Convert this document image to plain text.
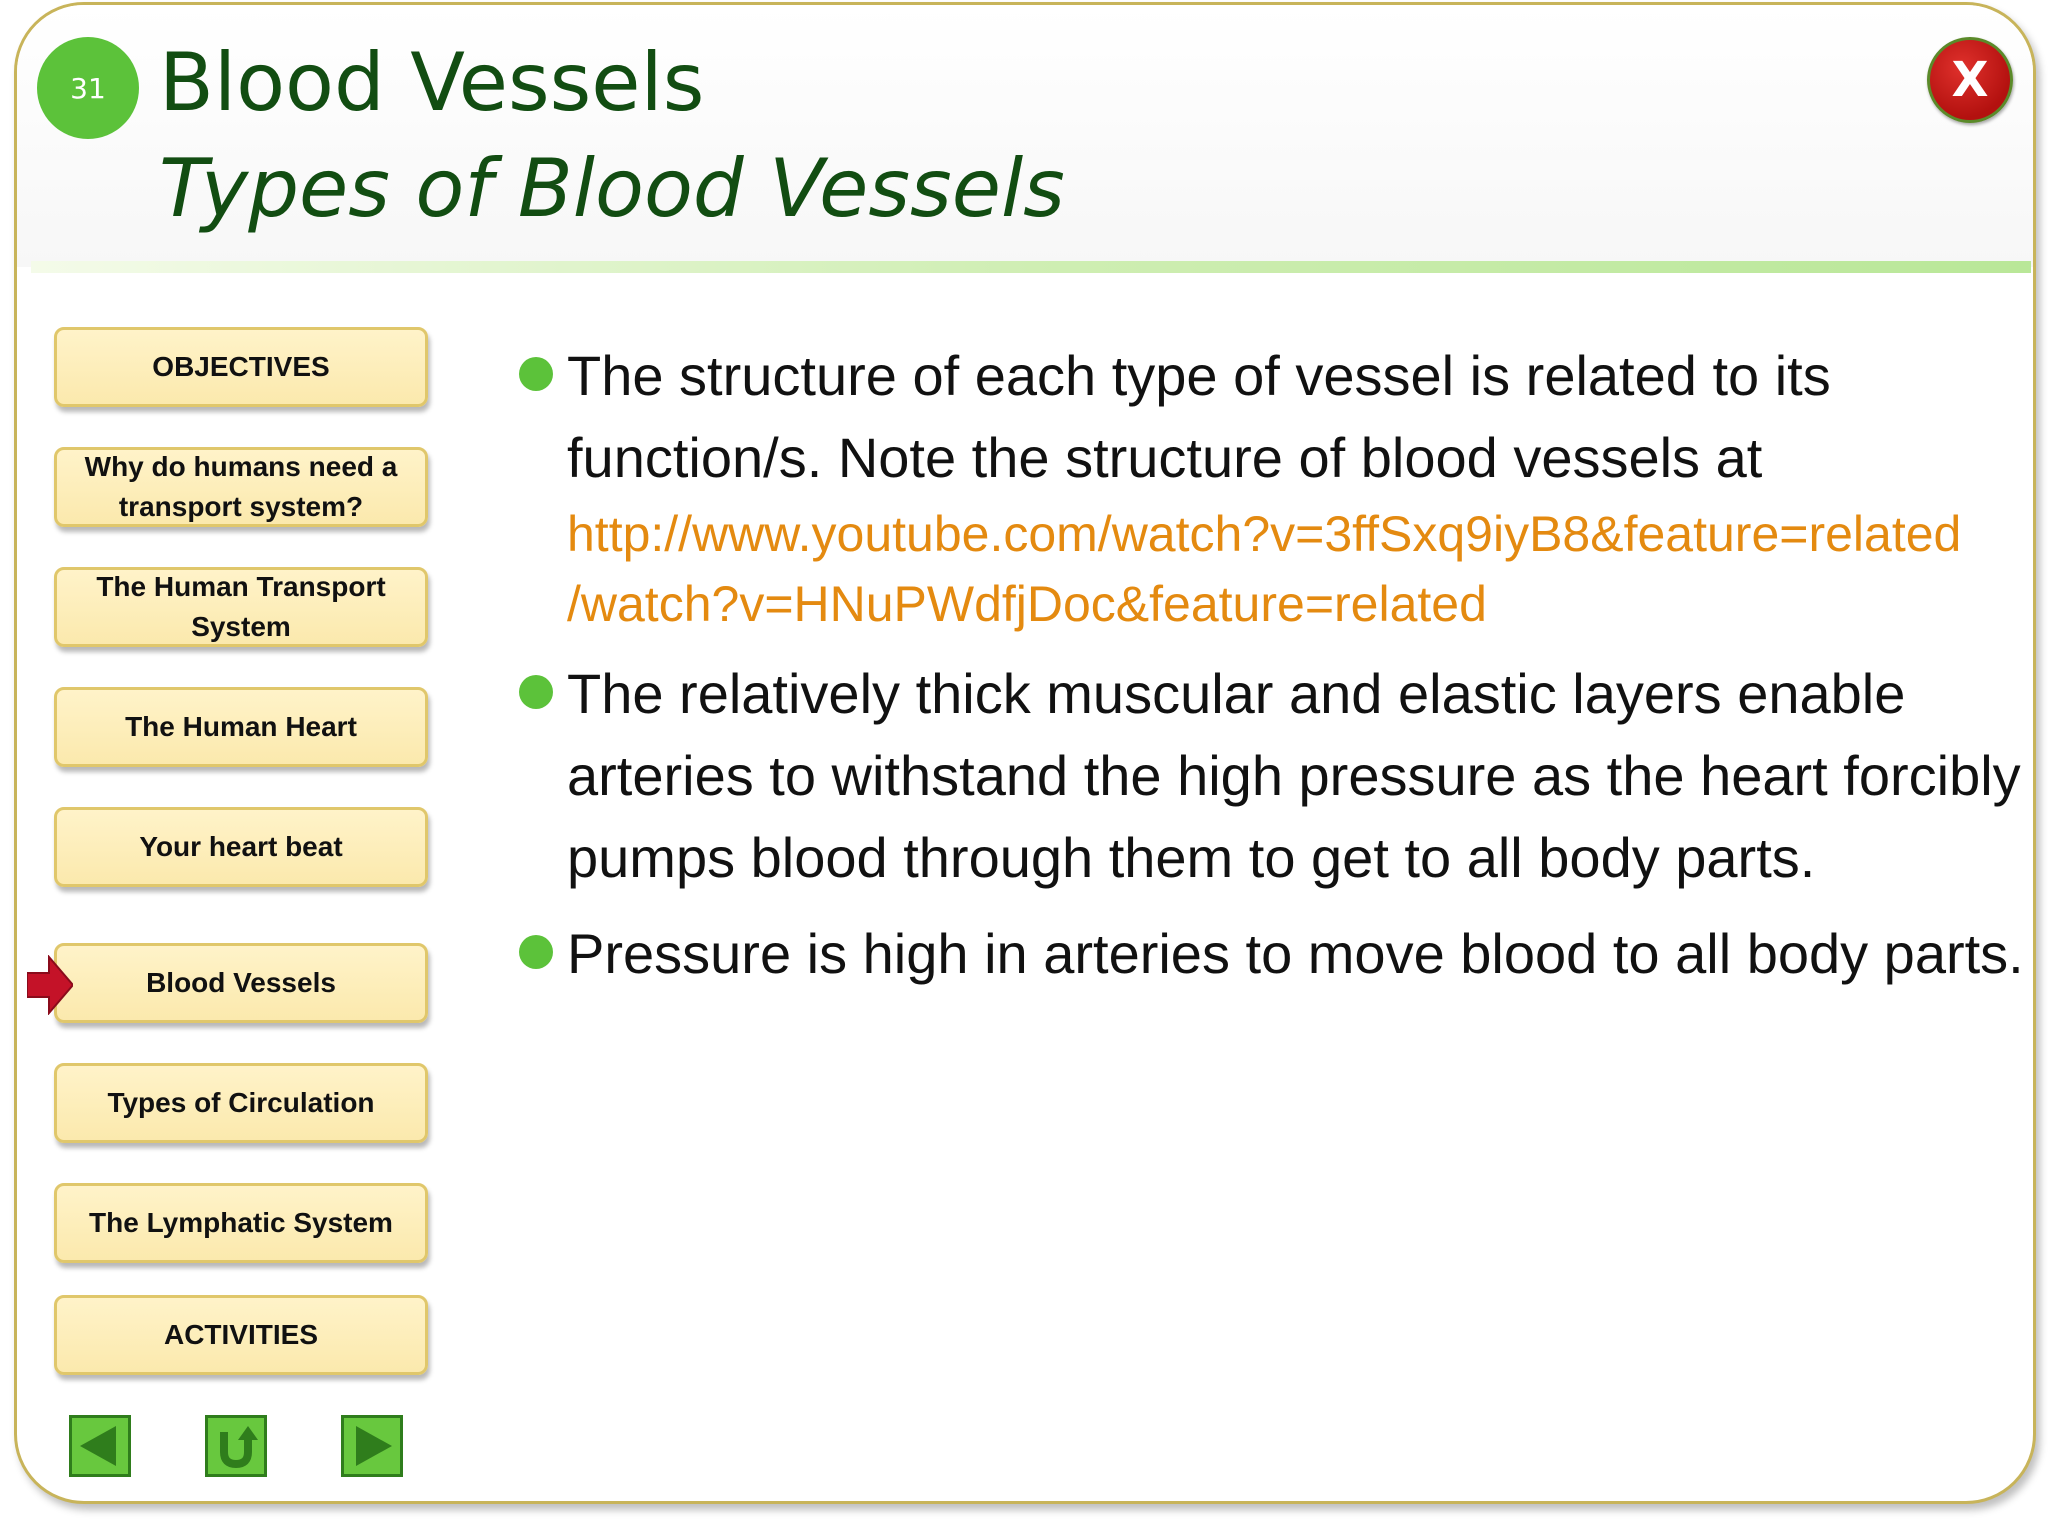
31 Blood Vessels
Types of Blood Vessels
X
OBJECTIVES
Why do humans need a transport system?
The Human Transport System
The Human Heart
Your heart beat
Blood Vessels
Types of Circulation
The Lymphatic System
ACTIVITIES
The structure of each type of vessel is related to its function/s. Note the structure of blood vessels at
http://www.youtube.com/watch?v=3ffSxq9iyB8&feature=related
/watch?v=HNuPWdfjDoc&feature=related
The relatively thick muscular and elastic layers enable arteries to withstand the high pressure as the heart forcibly pumps blood through them to get to all body parts.
Pressure is high in arteries to move blood to all body parts.
